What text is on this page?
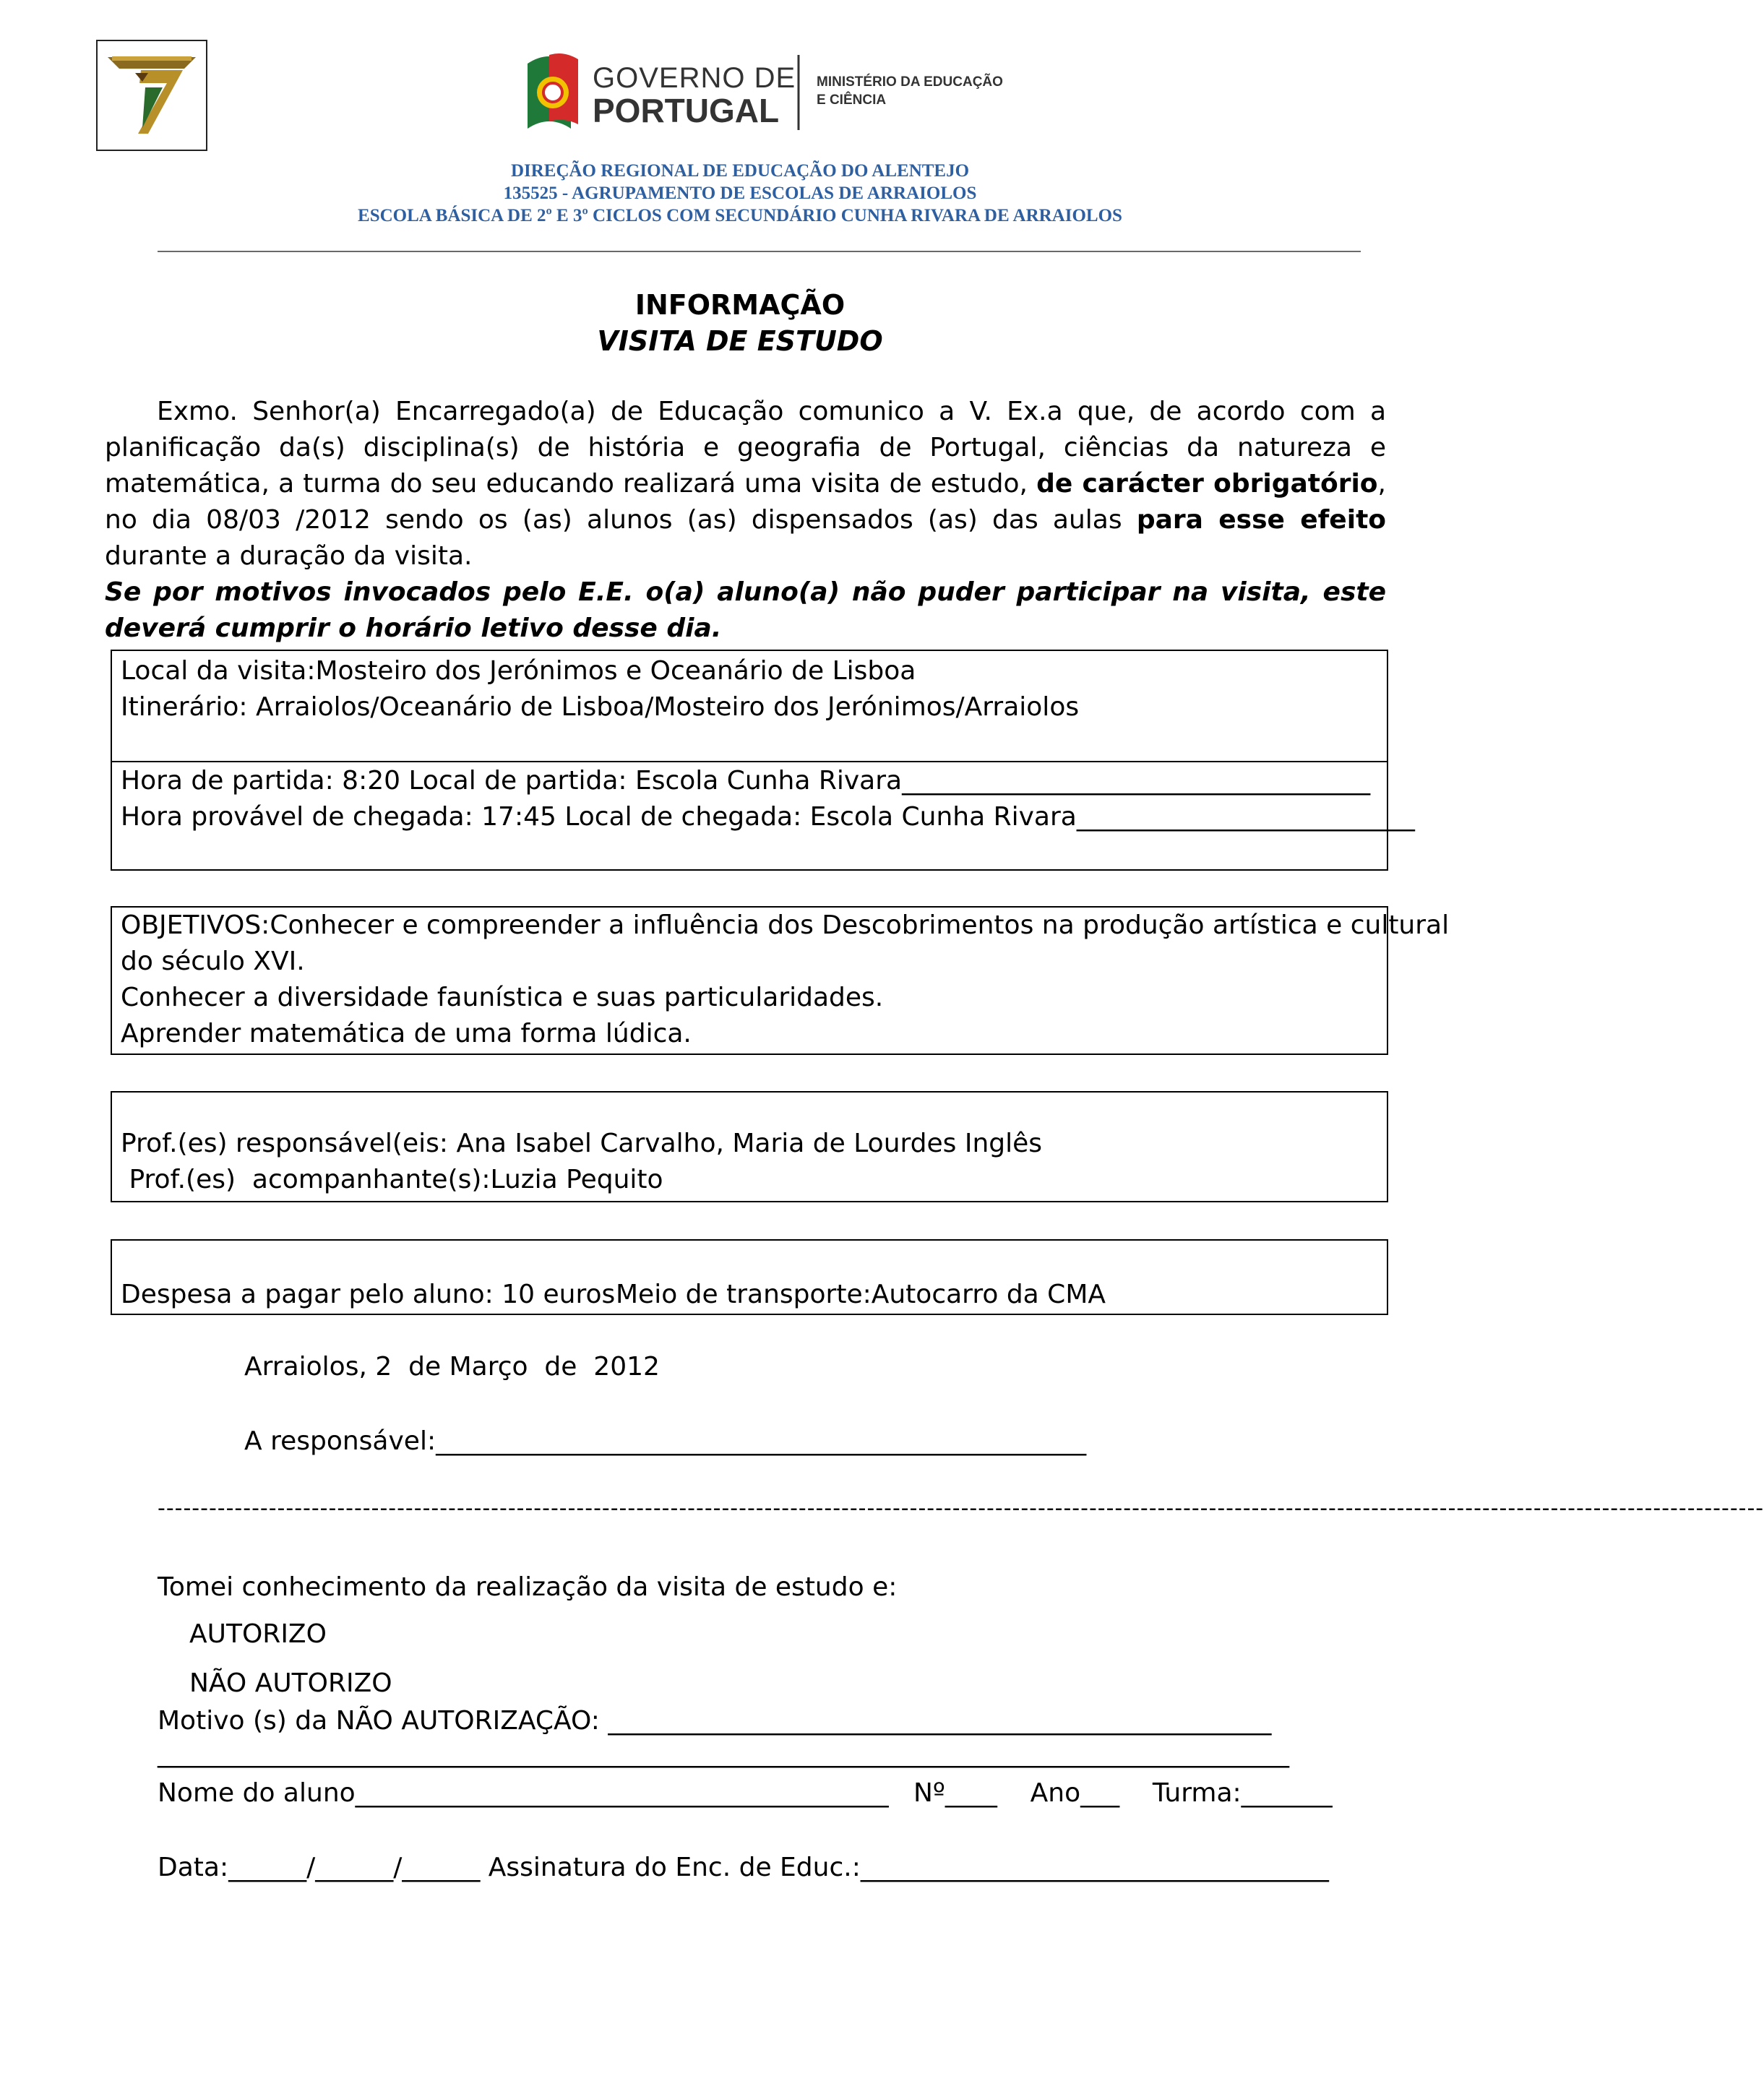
GOVERNO DE
PORTUGAL
MINISTÉRIO DA EDUCAÇÃO
E CIÊNCIA
DIREÇÃO REGIONAL DE EDUCAÇÃO DO ALENTEJO
135525 - AGRUPAMENTO DE ESCOLAS DE ARRAIOLOS
ESCOLA BÁSICA DE 2º E 3º CICLOS COM SECUNDÁRIO CUNHA RIVARA DE ARRAIOLOS
INFORMAÇÃO
VISITA DE ESTUDO

Exmo. Senhor(a) Encarregado(a) de Educação comunico a V. Ex.a que, de acordo com a planificação da(s) disciplina(s) de história e geografia de Portugal, ciências da natureza e matemática, a turma do seu educando realizará uma visita de estudo, de carácter obrigatório, no dia 08/03 /2012 sendo os (as) alunos (as) dispensados (as) das aulas para esse efeito durante a duração da visita.

Se por motivos invocados pelo E.E. o(a) aluno(a) não puder participar na visita, este deverá cumprir o horário letivo desse dia.

Local da visita:Mosteiro dos Jerónimos e Oceanário de Lisboa
Itinerário: Arraiolos/Oceanário de Lisboa/Mosteiro dos Jerónimos/Arraiolos
Hora de partida: 8:20 Local de partida: Escola Cunha Rivara____________________________________
Hora provável de chegada: 17:45 Local de chegada: Escola Cunha Rivara__________________________
OBJETIVOS:Conhecer e compreender a influência dos Descobrimentos na produção artística e cultural
do século XVI.
Conhecer a diversidade faunística e suas particularidades.
Aprender matemática de uma forma lúdica.
Prof.(es) responsável(eis: Ana Isabel Carvalho, Maria de Lourdes Inglês
Prof.(es)  acompanhante(s):Luzia Pequito
Despesa a pagar pelo aluno: 10 euros Meio de transporte:Autocarro da CMA
Arraiolos, 2  de Março  de  2012
A responsável:__________________________________________________
--------------------------------------------------------------------------------------------------------------------------------------------------------------------------------------------
Tomei conhecimento da realização da visita de estudo e:
AUTORIZO
NÃO AUTORIZO
Motivo (s) da NÃO AUTORIZAÇÃO: ___________________________________________________
_______________________________________________________________________________________
Nome do aluno_________________________________________   Nº____    Ano___    Turma:_______
Data:______/______/______ Assinatura do Enc. de Educ.:____________________________________
